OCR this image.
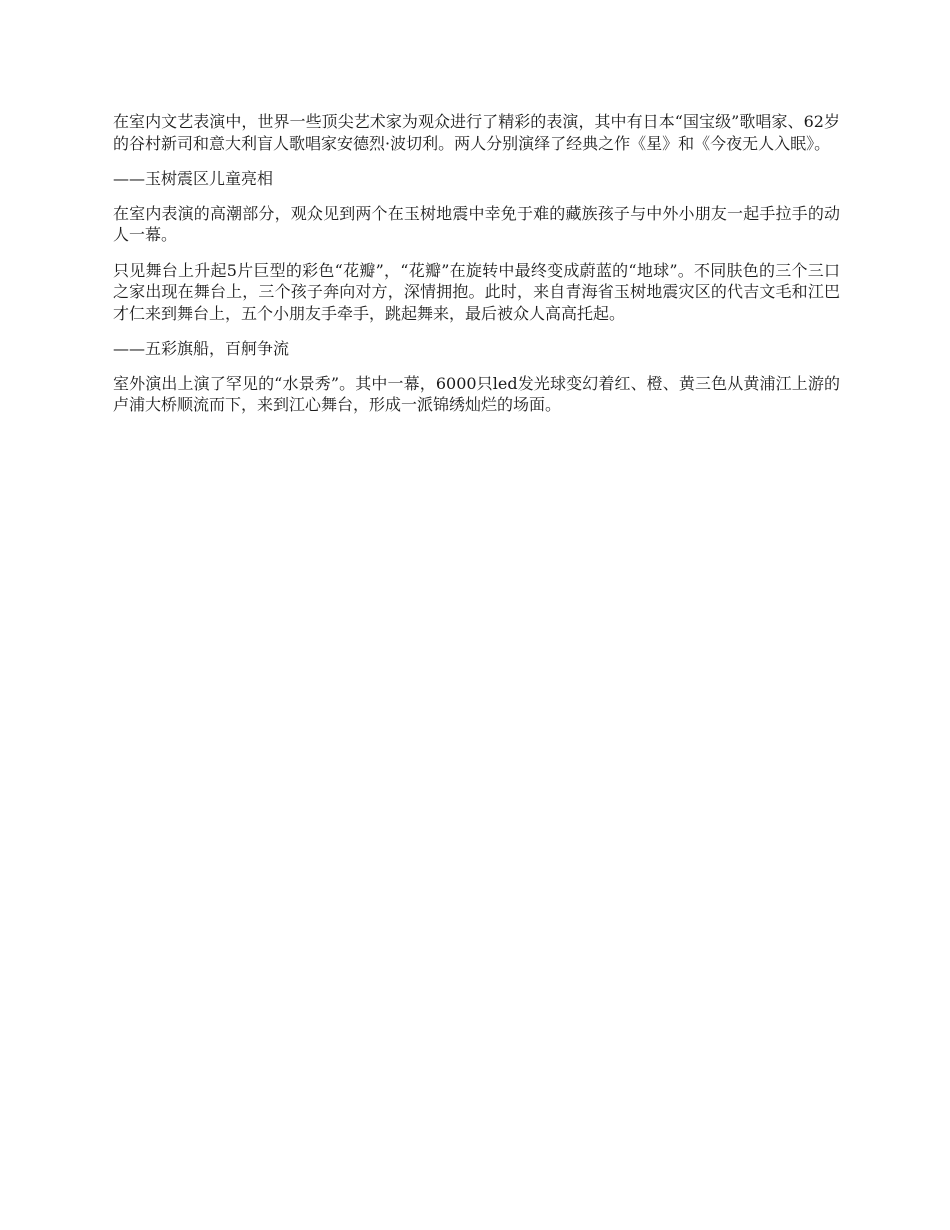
在室内文艺表演中，世界一些顶尖艺术家为观众进行了精彩的表演，其中有日本“国宝级”歌唱家、62岁的谷村新司和意大利盲人歌唱家安德烈·波切利。两人分别演绎了经典之作《星》和《今夜无人入眠》。

——玉树震区儿童亮相

在室内表演的高潮部分，观众见到两个在玉树地震中幸免于难的藏族孩子与中外小朋友一起手拉手的动人一幕。

只见舞台上升起5片巨型的彩色“花瓣”，“花瓣”在旋转中最终变成蔚蓝的“地球”。不同肤色的三个三口之家出现在舞台上，三个孩子奔向对方，深情拥抱。此时，来自青海省玉树地震灾区的代吉文毛和江巴才仁来到舞台上，五个小朋友手牵手，跳起舞来，最后被众人高高托起。

——五彩旗船，百舸争流

室外演出上演了罕见的“水景秀”。其中一幕，6000只led发光球变幻着红、橙、黄三色从黄浦江上游的卢浦大桥顺流而下，来到江心舞台，形成一派锦绣灿烂的场面。
